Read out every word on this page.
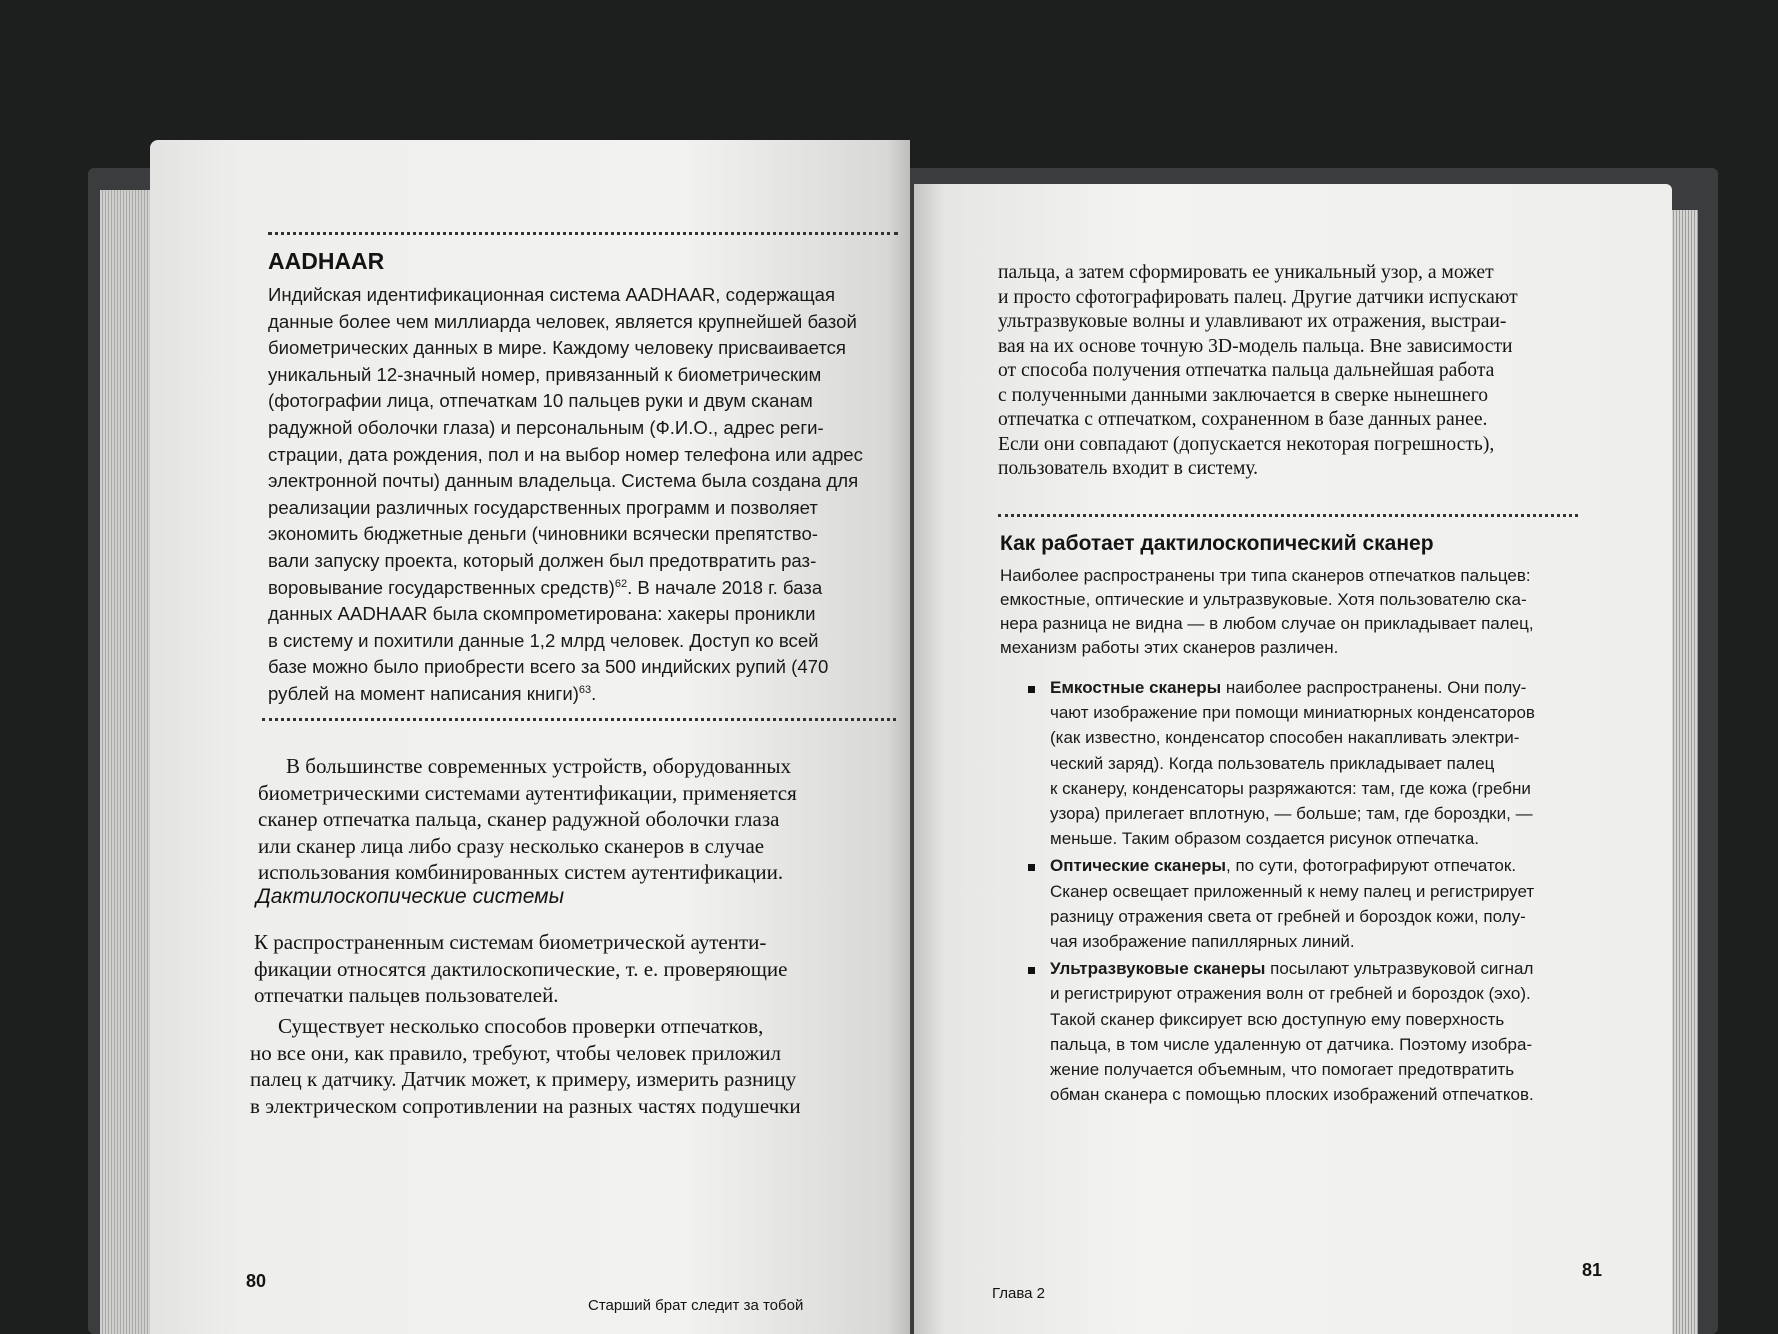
AADHAAR
Индийская идентификационная система AADHAAR, содержащая
данные более чем миллиарда человек, является крупнейшей базой
биометрических данных в мире. Каждому человеку присваивается
уникальный 12-значный номер, привязанный к биометрическим
(фотографии лица, отпечаткам 10 пальцев руки и двум сканам
радужной оболочки глаза) и персональным (Ф.И.О., адрес реги-
страции, дата рождения, пол и на выбор номер телефона или адрес
электронной почты) данным владельца. Система была создана для
реализации различных государственных программ и позволяет
экономить бюджетные деньги (чиновники всячески препятство-
вали запуску проекта, который должен был предотвратить раз-
воровывание государственных средств)$^{62}$. В начале 2018 г. база
данных AADHAAR была скомпрометирована: хакеры проникли
в систему и похитили данные 1,2 млрд человек. Доступ ко всей
базе можно было приобрести всего за 500 индийских рупий (470
рублей на момент написания книги)$^{63}$.
В большинстве современных устройств, оборудованных
биометрическими системами аутентификации, применяется
сканер отпечатка пальца, сканер радужной оболочки глаза
или сканер лица либо сразу несколько сканеров в случае
использования комбинированных систем аутентификации.
Дактилоскопические системы
К распространенным системам биометрической аутенти-
фикации относятся дактилоскопические, т. е. проверяющие
отпечатки пальцев пользователей.
Существует несколько способов проверки отпечатков,
но все они, как правило, требуют, чтобы человек приложил
палец к датчику. Датчик может, к примеру, измерить разницу
в электрическом сопротивлении на разных частях подушечки
80
Старший брат следит за тобой
пальца, а затем сформировать ее уникальный узор, а может
и просто сфотографировать палец. Другие датчики испускают
ультразвуковые волны и улавливают их отражения, выстраи-
вая на их основе точную 3D-модель пальца. Вне зависимости
от способа получения отпечатка пальца дальнейшая работа
с полученными данными заключается в сверке нынешнего
отпечатка с отпечатком, сохраненном в базе данных ранее.
Если они совпадают (допускается некоторая погрешность),
пользователь входит в систему.
Как работает дактилоскопический сканер
Наиболее распространены три типа сканеров отпечатков пальцев:
емкостные, оптические и ультразвуковые. Хотя пользователю ска-
нера разница не видна — в любом случае он прикладывает палец,
механизм работы этих сканеров различен.
Емкостные сканеры наиболее распространены. Они полу-
чают изображение при помощи миниатюрных конденсаторов
(как известно, конденсатор способен накапливать электри-
ческий заряд). Когда пользователь прикладывает палец
к сканеру, конденсаторы разряжаются: там, где кожа (гребни
узора) прилегает вплотную, — больше; там, где бороздки, —
меньше. Таким образом создается рисунок отпечатка.
Оптические сканеры, по сути, фотографируют отпечаток.
Сканер освещает приложенный к нему палец и регистрирует
разницу отражения света от гребней и бороздок кожи, полу-
чая изображение папиллярных линий.
Ультразвуковые сканеры посылают ультразвуковой сигнал
и регистрируют отражения волн от гребней и бороздок (эхо).
Такой сканер фиксирует всю доступную ему поверхность
пальца, в том числе удаленную от датчика. Поэтому изобра-
жение получается объемным, что помогает предотвратить
обман сканера с помощью плоских изображений отпечатков.
Глава 2
81
